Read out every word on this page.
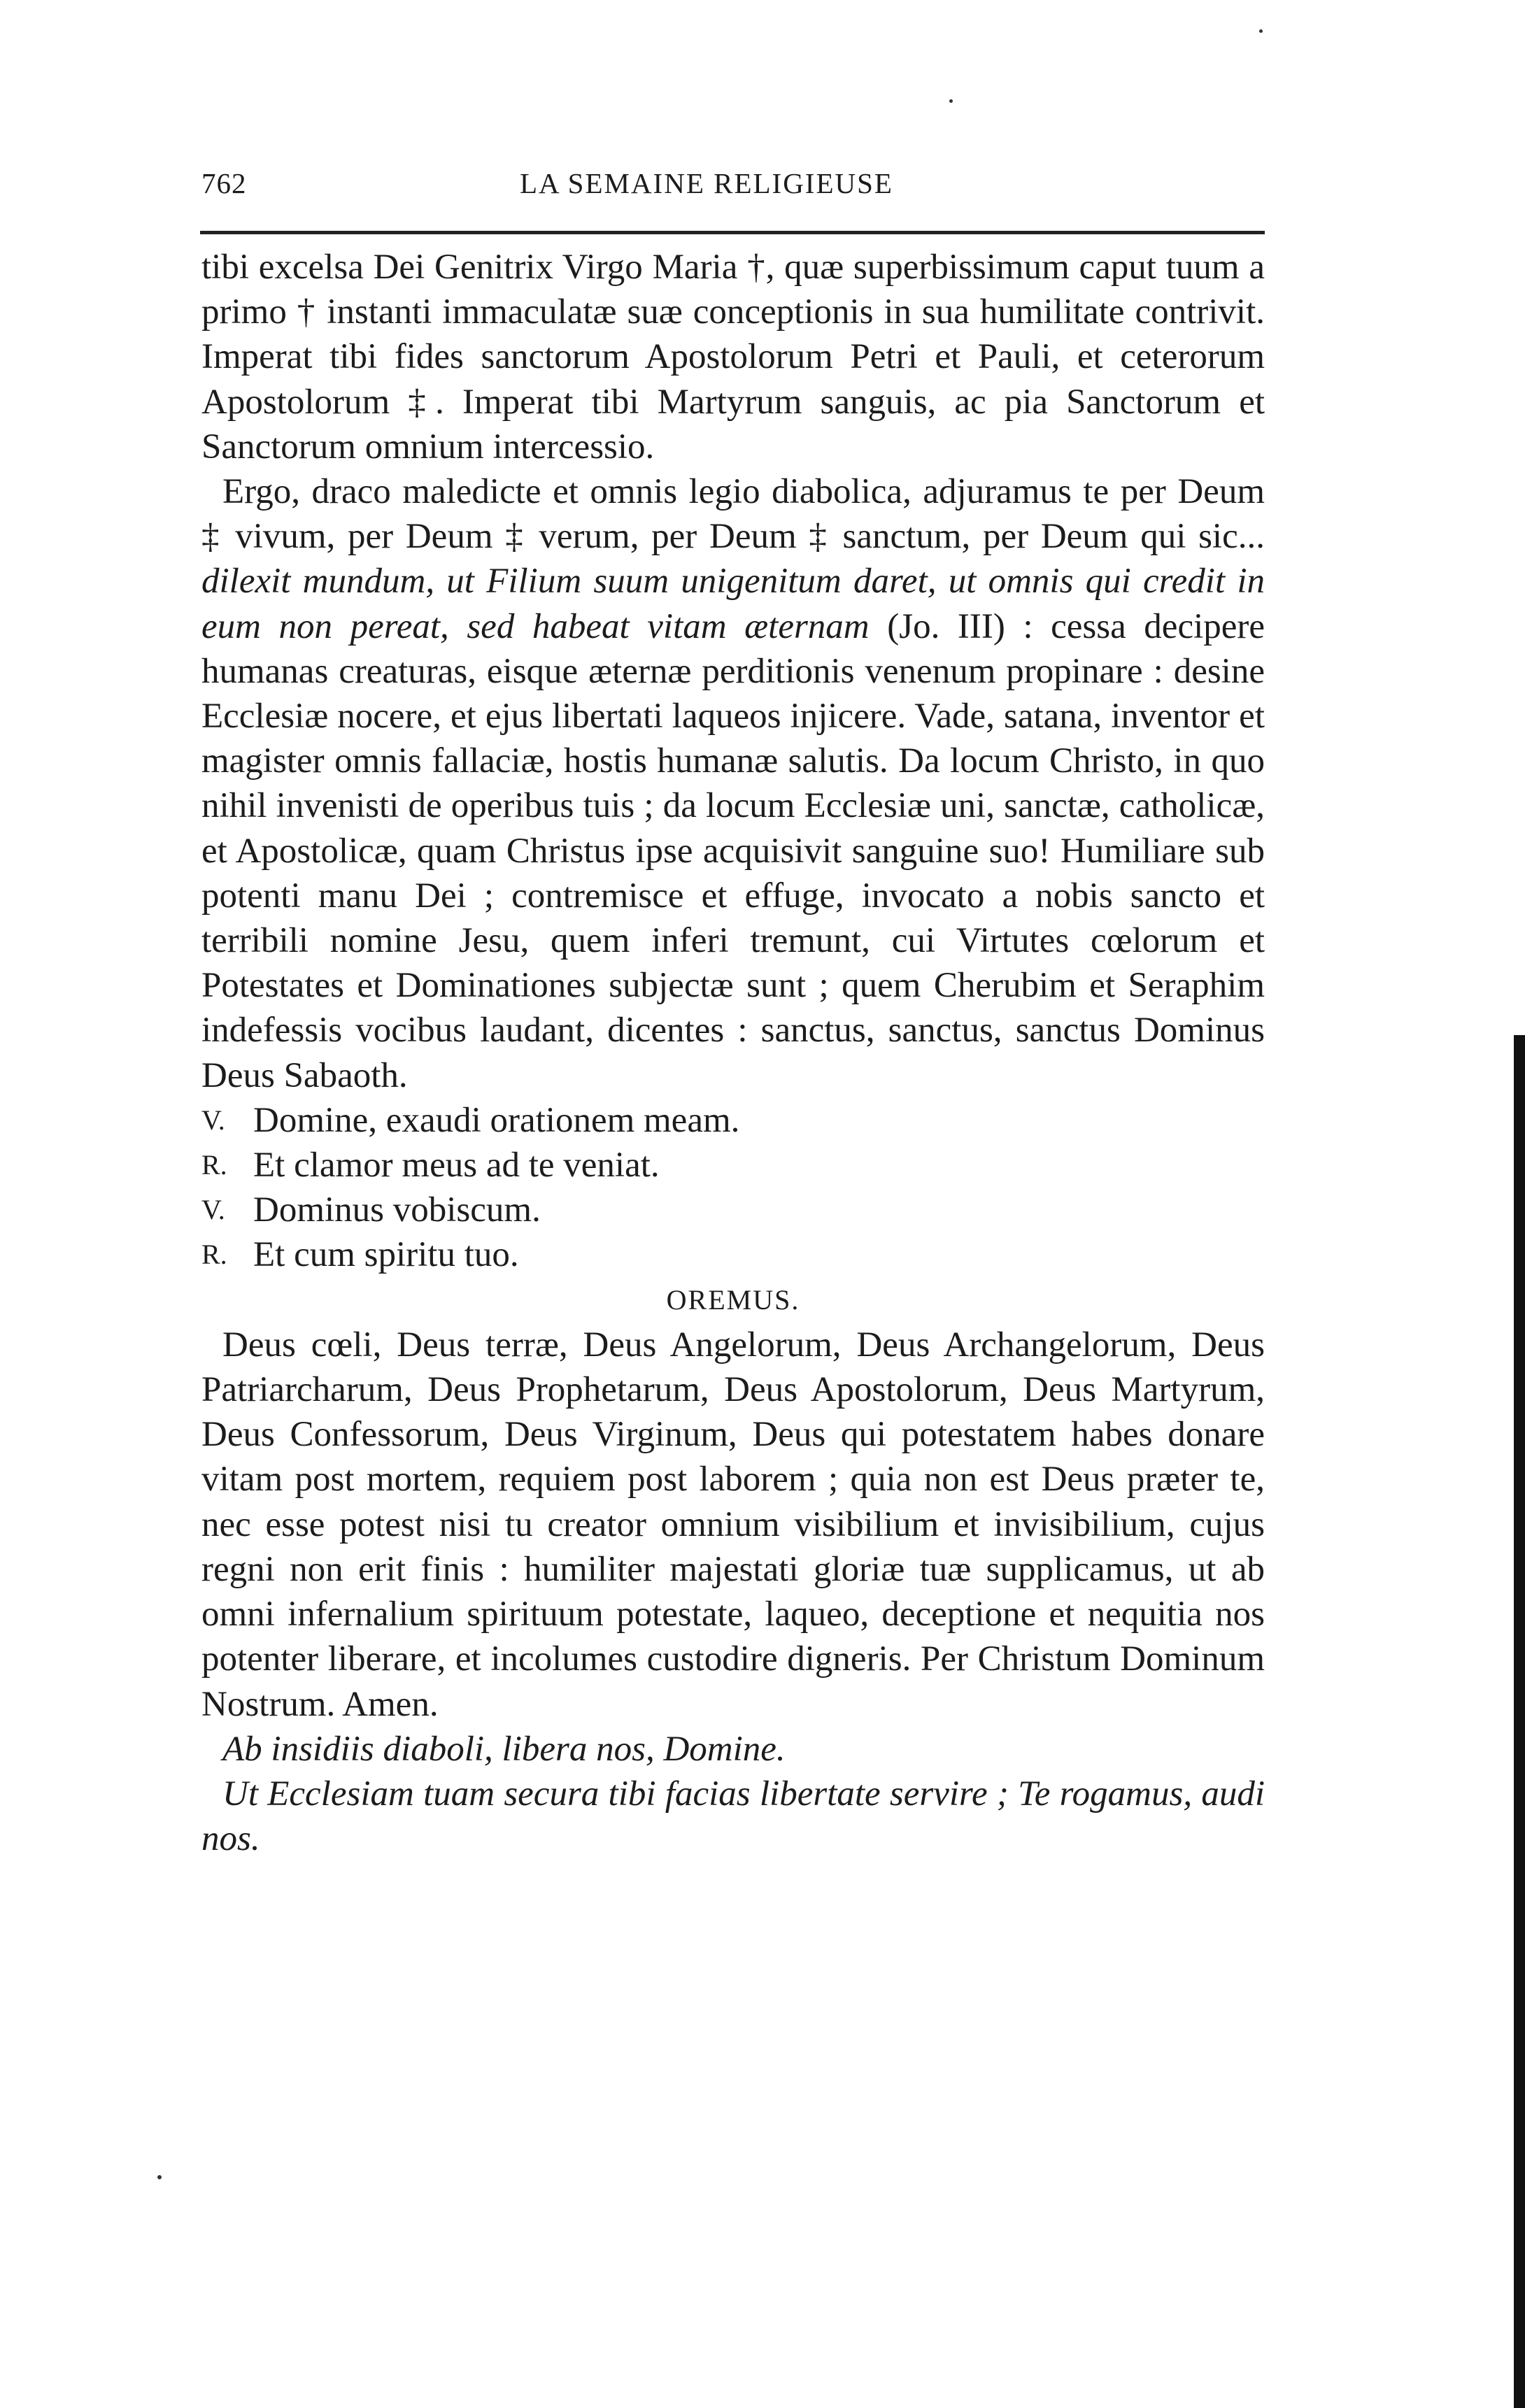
762	LA SEMAINE RELIGIEUSE

tibi excelsa Dei Genitrix Virgo Maria †, quæ superbissimum caput tuum a primo † instanti immaculatæ suæ conceptionis in sua humilitate contrivit. Imperat tibi fides sanctorum Apostolorum Petri et Pauli, et ceterorum Apostolorum ‡. Imperat tibi Martyrum sanguis, ac pia Sanctorum et Sanctorum omnium intercessio.

Ergo, draco maledicte et omnis legio diabolica, adjuramus te per Deum ‡ vivum, per Deum ‡ verum, per Deum ‡ sanctum, per Deum qui sic... dilexit mundum, ut Filium suum unigenitum daret, ut omnis qui credit in eum non pereat, sed habeat vitam æternam (Jo. III) : cessa decipere humanas creaturas, eisque æternæ perditionis venenum propinare : desine Ecclesiæ nocere, et ejus libertati laqueos injicere. Vade, satana, inventor et magister omnis fallaciæ, hostis humanæ salutis. Da locum Christo, in quo nihil invenisti de operibus tuis ; da locum Ecclesiæ uni, sanctæ, catholicæ, et Apostolicæ, quam Christus ipse acquisivit sanguine suo! Humiliare sub potenti manu Dei ; contremisce et effuge, invocato a nobis sancto et terribili nomine Jesu, quem inferi tremunt, cui Virtutes cœlorum et Potestates et Dominationes subjectæ sunt ; quem Cherubim et Seraphim indefessis vocibus laudant, dicentes : sanctus, sanctus, sanctus Dominus Deus Sabaoth.

V. Domine, exaudi orationem meam.
R. Et clamor meus ad te veniat.
V. Dominus vobiscum.
R. Et cum spiritu tuo.

OREMUS.

Deus cœli, Deus terræ, Deus Angelorum, Deus Archangelorum, Deus Patriarcharum, Deus Prophetarum, Deus Apostolorum, Deus Martyrum, Deus Confessorum, Deus Virginum, Deus qui potestatem habes donare vitam post mortem, requiem post laborem ; quia non est Deus præter te, nec esse potest nisi tu creator omnium visibilium et invisibilium, cujus regni non erit finis : humiliter majestati gloriæ tuæ supplicamus, ut ab omni infernalium spirituum potestate, laqueo, deceptione et nequitia nos potenter liberare, et incolumes custodire digneris. Per Christum Dominum Nostrum. Amen.

Ab insidiis diaboli, libera nos, Domine.

Ut Ecclesiam tuam secura tibi facias libertate servire ; Te rogamus, audi nos.
